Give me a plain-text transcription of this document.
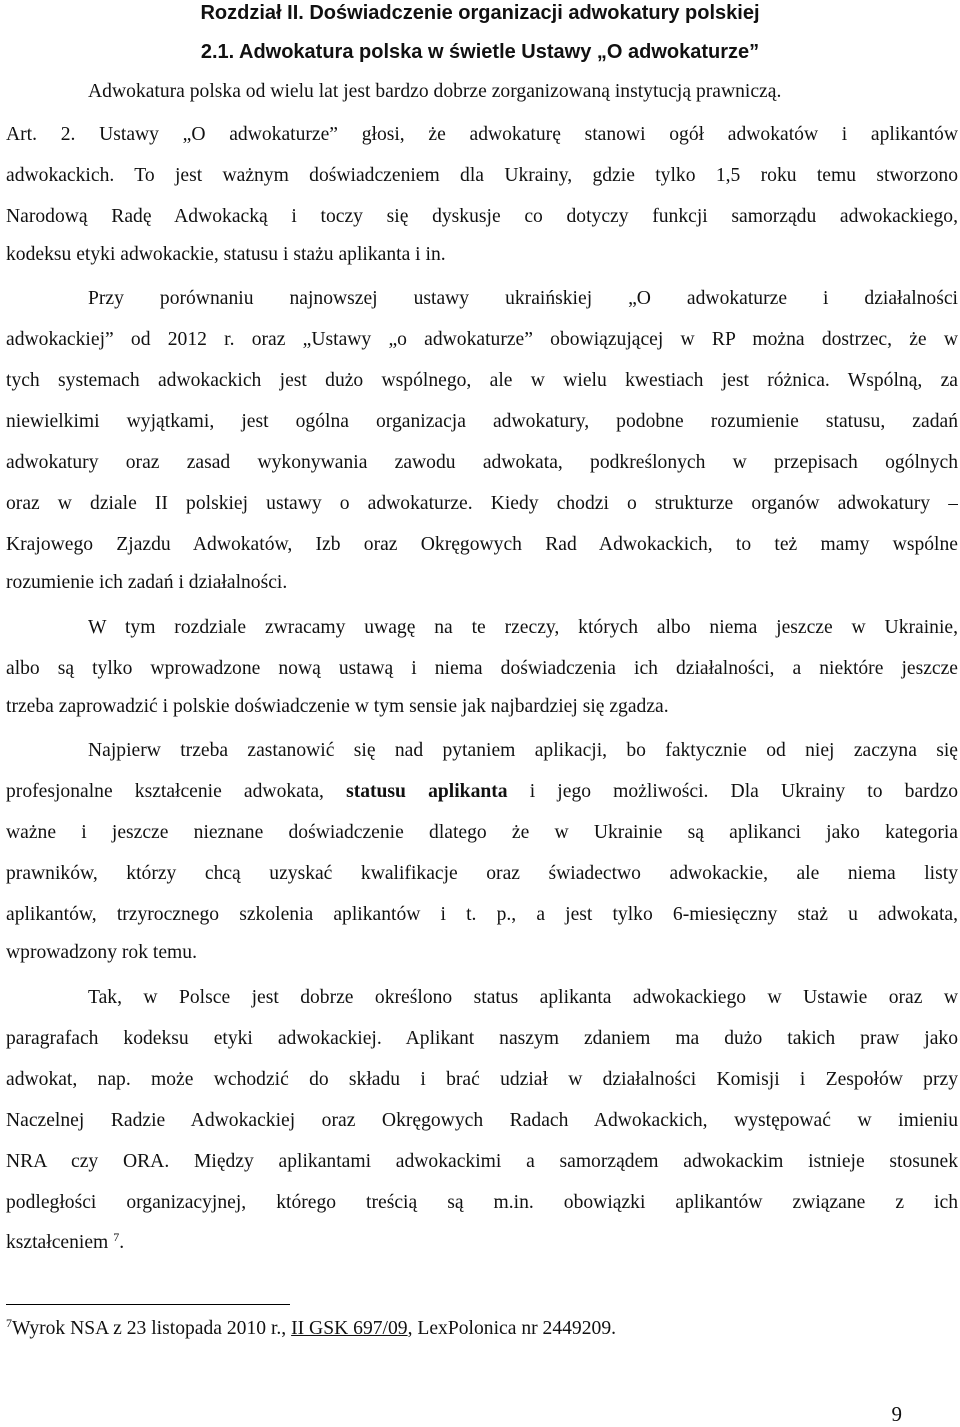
Rozdział II. Doświadczenie organizacji adwokatury polskiej
2.1. Adwokatura polska w świetle Ustawy „O adwokaturze”
Adwokatura polska od wielu lat jest bardzo dobrze zorganizowaną instytucją prawniczą.
Art. 2. Ustawy „O adwokaturze” głosi, że adwokaturę stanowi ogół adwokatów i aplikantów
adwokackich. To jest ważnym doświadczeniem dla Ukrainy, gdzie tylko 1,5 roku temu stworzono
Narodową Radę Adwokacką i toczy się dyskusje co dotyczy funkcji samorządu adwokackiego,
kodeksu etyki adwokackie, statusu i stażu aplikanta i in.
Przy porównaniu najnowszej ustawy ukraińskiej „O adwokaturze i działalności
adwokackiej” od 2012 r. oraz „Ustawy „o adwokaturze” obowiązującej w RP można dostrzec, że w
tych systemach adwokackich jest dużo wspólnego, ale w wielu kwestiach jest różnica. Wspólną, za
niewielkimi wyjątkami, jest ogólna organizacja adwokatury, podobne rozumienie statusu, zadań
adwokatury oraz zasad wykonywania zawodu adwokata, podkreślonych w przepisach ogólnych
oraz w dziale II polskiej ustawy o adwokaturze. Kiedy chodzi o strukturze organów adwokatury –
Krajowego Zjazdu Adwokatów, Izb oraz Okręgowych Rad Adwokackich, to też mamy wspólne
rozumienie ich zadań i działalności.
W tym rozdziale zwracamy uwagę na te rzeczy, których albo niema jeszcze w Ukrainie,
albo są tylko wprowadzone nową ustawą i niema doświadczenia ich działalności, a niektóre jeszcze
trzeba zaprowadzić i polskie doświadczenie w tym sensie jak najbardziej się zgadza.
Najpierw trzeba zastanowić się nad pytaniem aplikacji, bo faktycznie od niej zaczyna się
profesjonalne kształcenie adwokata, statusu aplikanta i jego możliwości. Dla Ukrainy to bardzo
ważne i jeszcze nieznane doświadczenie dlatego że w Ukrainie są aplikanci jako kategoria
prawników, którzy chcą uzyskać kwalifikacje oraz świadectwo adwokackie, ale niema listy
aplikantów, trzyrocznego szkolenia aplikantów i t. p., a jest tylko 6-miesięczny staż u adwokata,
wprowadzony rok temu.
Tak, w Polsce jest dobrze określono status aplikanta adwokackiego w Ustawie oraz w
paragrafach kodeksu etyki adwokackiej. Aplikant naszym zdaniem ma dużo takich praw jako
adwokat, nap. może wchodzić do składu i brać udział w działalności Komisji i Zespołów przy
Naczelnej Radzie Adwokackiej oraz Okręgowych Radach Adwokackich, występować w imieniu
NRA czy ORA. Między aplikantami adwokackimi a samorządem adwokackim istnieje stosunek
podległości organizacyjnej, którego treścią są m.in. obowiązki aplikantów związane z ich
kształceniem $^7$.
$^7$Wyrok NSA z 23 listopada 2010 r., II GSK 697/09, LexPolonica nr 2449209.
9
